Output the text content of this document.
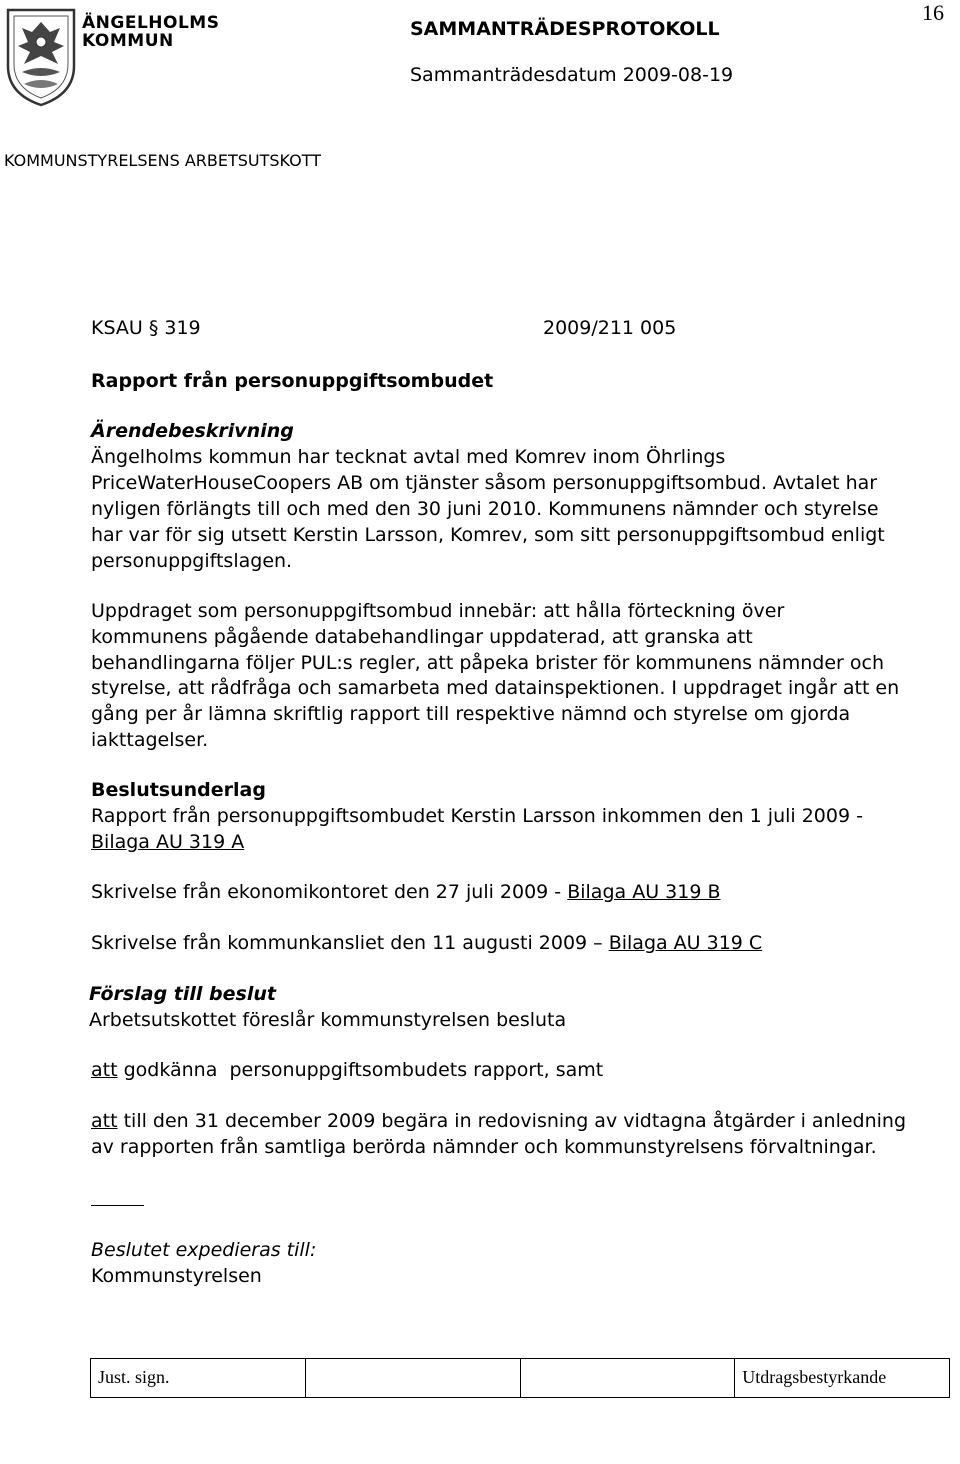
ÄNGELHOLMS
KOMMUN
16
SAMMANTRÄDESPROTOKOLL
Sammanträdesdatum 2009-08-19
KOMMUNSTYRELSENS ARBETSUTSKOTT
KSAU § 319	2009/211 005
Rapport från personuppgiftsombudet
Ärendebeskrivning
Ängelholms kommun har tecknat avtal med Komrev inom Öhrlings
PriceWaterHouseCoopers AB om tjänster såsom personuppgiftsombud. Avtalet har
nyligen förlängts till och med den 30 juni 2010. Kommunens nämnder och styrelse
har var för sig utsett Kerstin Larsson, Komrev, som sitt personuppgiftsombud enligt
personuppgiftslagen.
Uppdraget som personuppgiftsombud innebär: att hålla förteckning över
kommunens pågående databehandlingar uppdaterad, att granska att
behandlingarna följer PUL:s regler, att påpeka brister för kommunens nämnder och
styrelse, att rådfråga och samarbeta med datainspektionen. I uppdraget ingår att en
gång per år lämna skriftlig rapport till respektive nämnd och styrelse om gjorda
iakttagelser.
Beslutsunderlag
Rapport från personuppgiftsombudet Kerstin Larsson inkommen den 1 juli 2009 -
Bilaga AU 319 A
Skrivelse från ekonomikontoret den 27 juli 2009 - Bilaga AU 319 B
Skrivelse från kommunkansliet den 11 augusti 2009 – Bilaga AU 319 C
Förslag till beslut
Arbetsutskottet föreslår kommunstyrelsen besluta
att godkänna  personuppgiftsombudets rapport, samt
att till den 31 december 2009 begära in redovisning av vidtagna åtgärder i anledning
av rapporten från samtliga berörda nämnder och kommunstyrelsens förvaltningar.
Beslutet expedieras till:
Kommunstyrelsen
Just. sign.	Utdragsbestyrkande
